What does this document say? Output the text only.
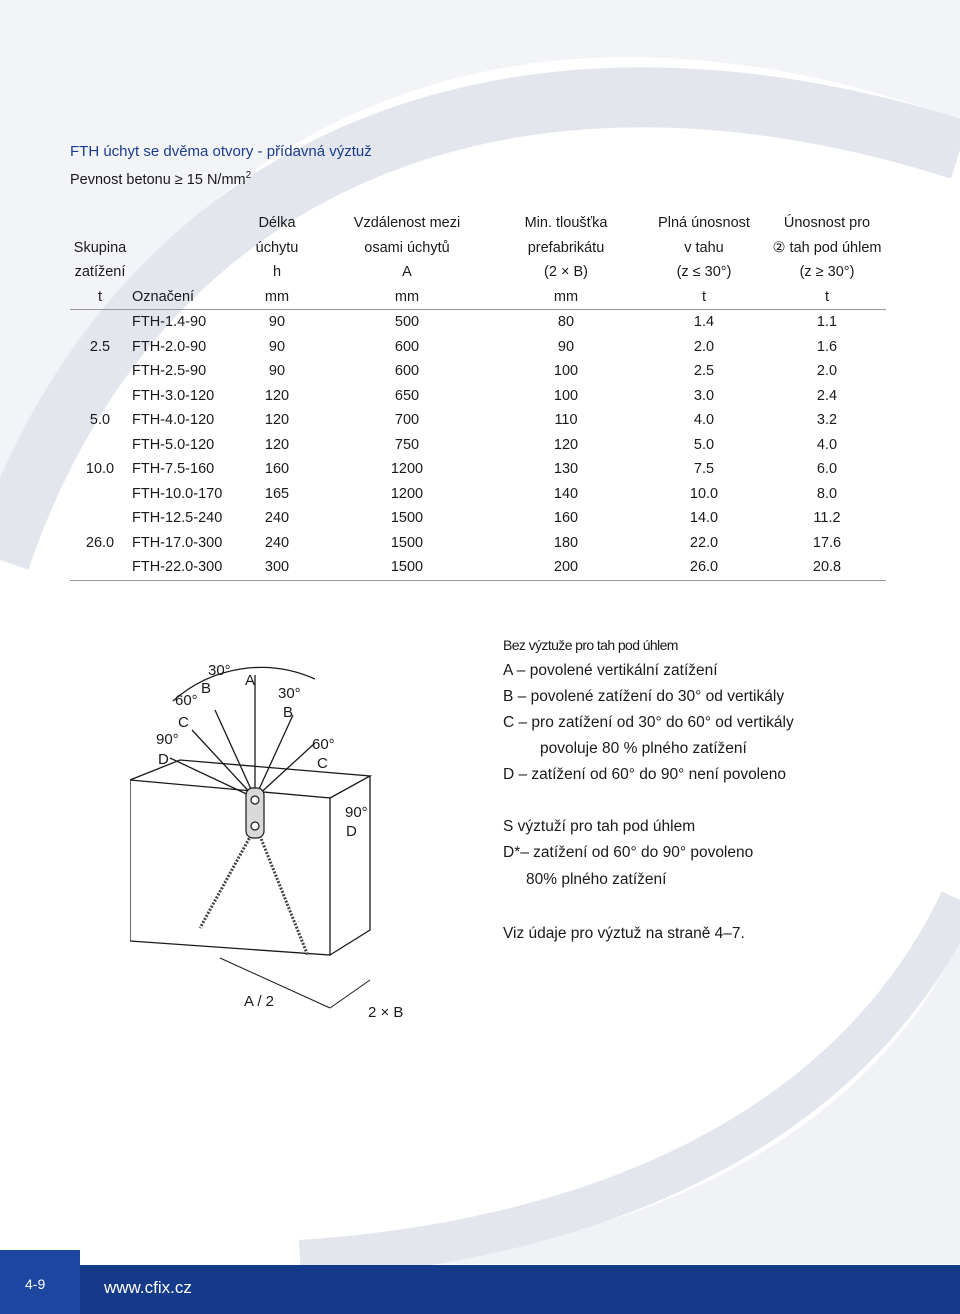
FTH úchyt se dvěma otvory - přídavná výztuž
Pevnost betonu ≥ 15 $N/mm^2$
		Délka	Vzdálenost mezi	Min. tloušťka	Plná únosnost	Únosnost pro
Skupina		úchytu	osami úchytů	prefabrikátu	v tahu	② tah pod úhlem
zatížení		h	A	(2 × B)	(z ≤ 30°)	(z ≥ 30°)
t	Označení	mm	mm	mm	t	t
	FTH-1.4-90	90	500	80	1.4	1.1
2.5	FTH-2.0-90	90	600	90	2.0	1.6
	FTH-2.5-90	90	600	100	2.5	2.0
	FTH-3.0-120	120	650	100	3.0	2.4
5.0	FTH-4.0-120	120	700	110	4.0	3.2
	FTH-5.0-120	120	750	120	5.0	4.0
10.0	FTH-7.5-160	160	1200	130	7.5	6.0
	FTH-10.0-170	165	1200	140	10.0	8.0
	FTH-12.5-240	240	1500	160	14.0	11.2
26.0	FTH-17.0-300	240	1500	180	22.0	17.6
	FTH-22.0-300	300	1500	200	26.0	20.8
30°
B A
30°
B
60°
C
90°
D
60°
C
90°
D
A / 2
2 × B
Bez výztuže pro tah pod úhlem
A – povolené vertikální zatížení
B – povolené zatížení do 30° od vertikály
C – pro zatížení od 30° do 60° od vertikály
povoluje 80 % plného zatížení
D – zatížení od 60° do 90° není povoleno
S výztuží pro tah pod úhlem
D*– zatížení od 60° do 90° povoleno
80% plného zatížení
Viz údaje pro výztuž na straně 4–7.
4-9	www.cfix.cz
